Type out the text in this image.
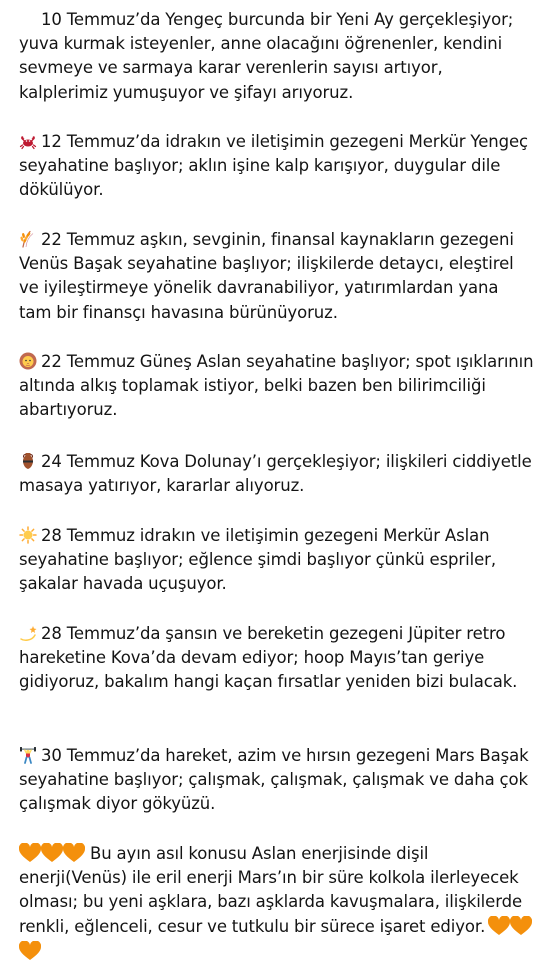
10 Temmuz’da Yengeç burcunda bir Yeni Ay gerçekleşiyor; yuva kurmak isteyenler, anne olacağını öğrenenler, kendini sevmeye ve sarmaya karar verenlerin sayısı artıyor, kalplerimiz yumuşuyor ve şifayı arıyoruz.
12 Temmuz’da idrakın ve iletişimin gezegeni Merkür Yengeç seyahatine başlıyor; aklın işine kalp karışıyor, duygular dile dökülüyor.
22 Temmuz aşkın, sevginin, finansal kaynakların gezegeni Venüs Başak seyahatine başlıyor; ilişkilerde detaycı, eleştirel ve iyileştirmeye yönelik davranabiliyor, yatırımlardan yana tam bir finansçı havasına bürünüyoruz.
22 Temmuz Güneş Aslan seyahatine başlıyor; spot ışıklarının altında alkış toplamak istiyor, belki bazen ben bilirimciliği abartıyoruz.
24 Temmuz Kova Dolunay’ı gerçekleşiyor; ilişkileri ciddiyetle masaya yatırıyor, kararlar alıyoruz.
28 Temmuz idrakın ve iletişimin gezegeni Merkür Aslan seyahatine başlıyor; eğlence şimdi başlıyor çünkü espriler, şakalar havada uçuşuyor.
28 Temmuz’da şansın ve bereketin gezegeni Jüpiter retro hareketine Kova’da devam ediyor; hoop Mayıs’tan geriye gidiyoruz, bakalım hangi kaçan fırsatlar yeniden bizi bulacak.
30 Temmuz’da hareket, azim ve hırsın gezegeni Mars Başak seyahatine başlıyor; çalışmak, çalışmak, çalışmak ve daha çok çalışmak diyor gökyüzü.
Bu ayın asıl konusu Aslan enerjisinde dişil enerji(Venüs) ile eril enerji Mars’ın bir süre kolkola ilerleyecek olması; bu yeni aşklara, bazı aşklarda kavuşmalara, ilişkilerde renkli, eğlenceli, cesur ve tutkulu bir sürece işaret ediyor.
